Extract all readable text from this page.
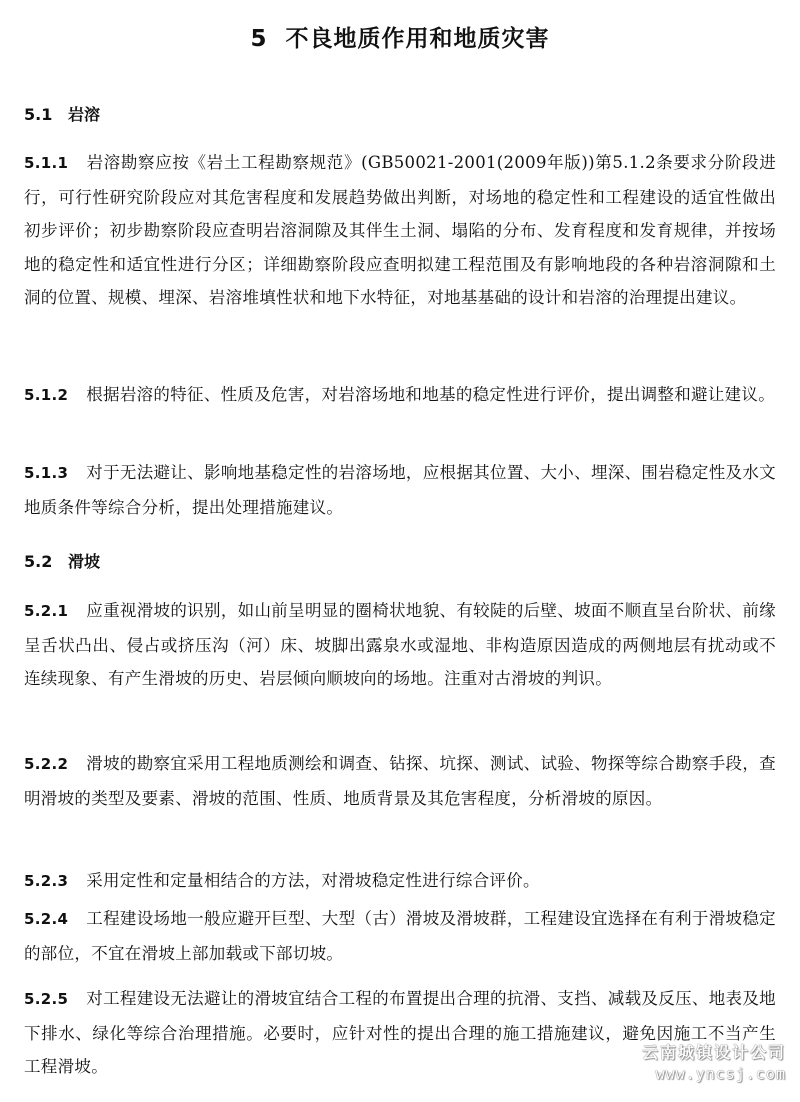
5 不良地质作用和地质灾害
5.1 岩溶
5.1.1 岩溶勘察应按《岩土工程勘察规范》(GB50021-2001(2009年版))第5.1.2条要求分阶段进行，可行性研究阶段应对其危害程度和发展趋势做出判断，对场地的稳定性和工程建设的适宜性做出初步评价；初步勘察阶段应查明岩溶洞隙及其伴生土洞、塌陷的分布、发育程度和发育规律，并按场地的稳定性和适宜性进行分区；详细勘察阶段应查明拟建工程范围及有影响地段的各种岩溶洞隙和土洞的位置、规模、埋深、岩溶堆填性状和地下水特征，对地基基础的设计和岩溶的治理提出建议。
5.1.2 根据岩溶的特征、性质及危害，对岩溶场地和地基的稳定性进行评价，提出调整和避让建议。
5.1.3 对于无法避让、影响地基稳定性的岩溶场地，应根据其位置、大小、埋深、围岩稳定性及水文地质条件等综合分析，提出处理措施建议。
5.2 滑坡
5.2.1 应重视滑坡的识别，如山前呈明显的圈椅状地貌、有较陡的后壁、坡面不顺直呈台阶状、前缘呈舌状凸出、侵占或挤压沟（河）床、坡脚出露泉水或湿地、非构造原因造成的两侧地层有扰动或不连续现象、有产生滑坡的历史、岩层倾向顺坡向的场地。注重对古滑坡的判识。
5.2.2 滑坡的勘察宜采用工程地质测绘和调查、钻探、坑探、测试、试验、物探等综合勘察手段，查明滑坡的类型及要素、滑坡的范围、性质、地质背景及其危害程度，分析滑坡的原因。
5.2.3 采用定性和定量相结合的方法，对滑坡稳定性进行综合评价。
5.2.4 工程建设场地一般应避开巨型、大型（古）滑坡及滑坡群，工程建设宜选择在有利于滑坡稳定的部位，不宜在滑坡上部加载或下部切坡。
5.2.5 对工程建设无法避让的滑坡宜结合工程的布置提出合理的抗滑、支挡、减载及反压、地表及地下排水、绿化等综合治理措施。必要时，应针对性的提出合理的施工措施建议，避免因施工不当产生工程滑坡。
云南城镇设计公司
www.yncsj.com
